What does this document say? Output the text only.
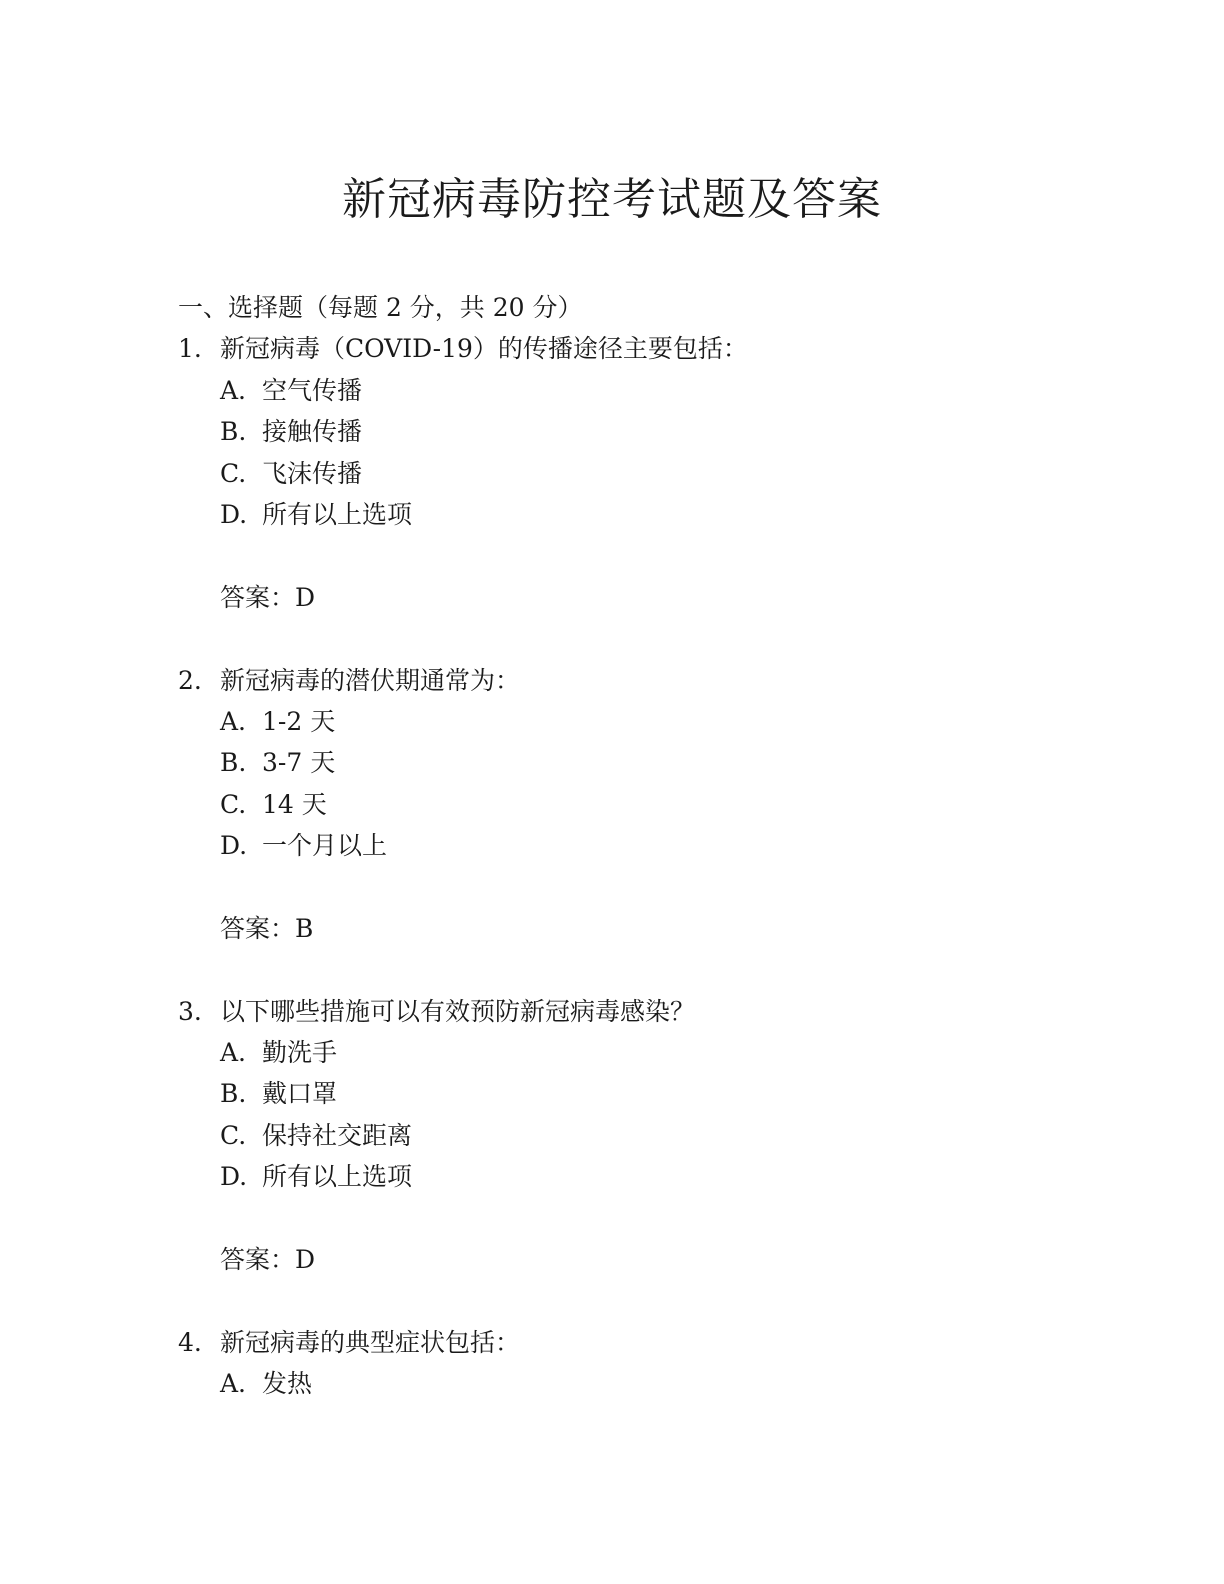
新冠病毒防控考试题及答案
一、选择题（每题 2 分，共 20 分）
1. 新冠病毒（COVID-19）的传播途径主要包括：
A. 空气传播
B. 接触传播
C. 飞沫传播
D. 所有以上选项
答案：D
2. 新冠病毒的潜伏期通常为：
A. 1-2 天
B. 3-7 天
C. 14 天
D. 一个月以上
答案：B
3. 以下哪些措施可以有效预防新冠病毒感染？
A. 勤洗手
B. 戴口罩
C. 保持社交距离
D. 所有以上选项
答案：D
4. 新冠病毒的典型症状包括：
A. 发热
